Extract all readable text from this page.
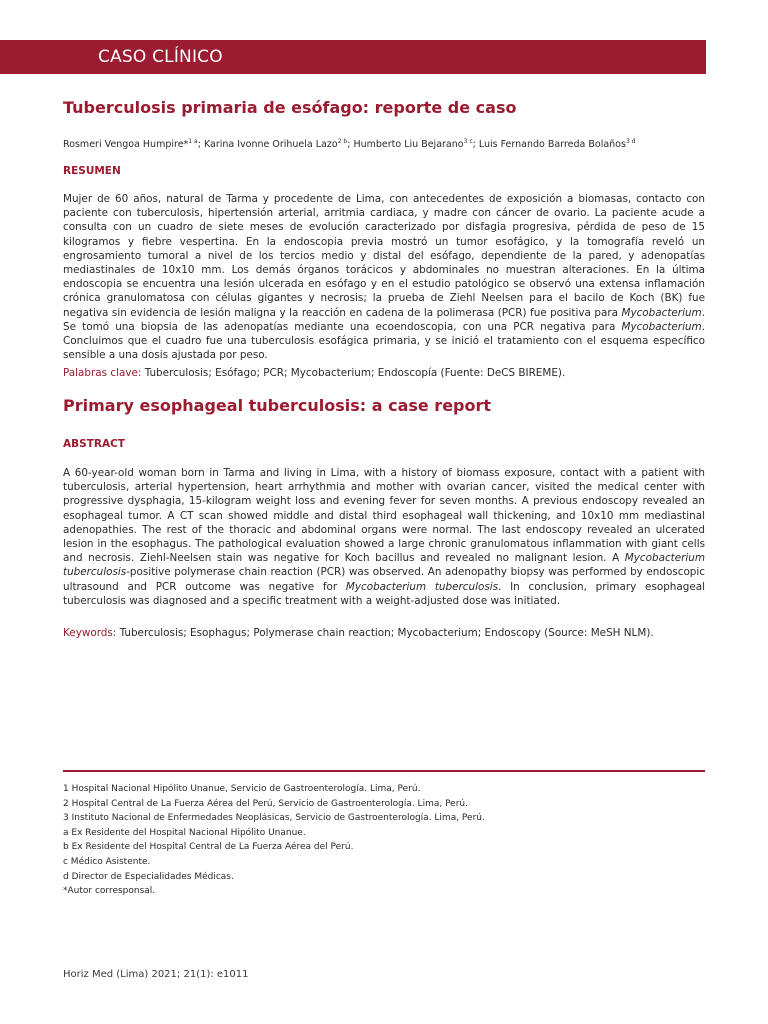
CASO CLÍNICO
Tuberculosis primaria de esófago: reporte de caso

Rosmeri Vengoa Humpire*$^{1 a}$; Karina Ivonne Orihuela Lazo$^{2 b}$; Humberto Liu Bejarano$^{3 c}$; Luis Fernando Barreda Bolaños$^{3 d}$

RESUMEN

Mujer de 60 años, natural de Tarma y procedente de Lima, con antecedentes de exposición a biomasas, contacto con paciente con tuberculosis, hipertensión arterial, arritmia cardiaca, y madre con cáncer de ovario. La paciente acude a consulta con un cuadro de siete meses de evolución caracterizado por disfagia progresiva, pérdida de peso de 15 kilogramos y fiebre vespertina. En la endoscopia previa mostró un tumor esofágico, y la tomografía reveló un engrosamiento tumoral a nivel de los tercios medio y distal del esófago, dependiente de la pared, y adenopatías mediastinales de 10x10 mm. Los demás órganos torácicos y abdominales no muestran alteraciones. En la última endoscopia se encuentra una lesión ulcerada en esófago y en el estudio patológico se observó una extensa inflamación crónica granulomatosa con células gigantes y necrosis; la prueba de Ziehl Neelsen para el bacilo de Koch (BK) fue negativa sin evidencia de lesión maligna y la reacción en cadena de la polimerasa (PCR) fue positiva para Mycobacterium. Se tomó una biopsia de las adenopatías mediante una ecoendoscopia, con una PCR negativa para Mycobacterium. Concluimos que el cuadro fue una tuberculosis esofágica primaria, y se inició el tratamiento con el esquema específico sensible a una dosis ajustada por peso.

Palabras clave: Tuberculosis; Esófago; PCR; Mycobacterium; Endoscopía (Fuente: DeCS BIREME).

Primary esophageal tuberculosis: a case report
ABSTRACT

A 60-year-old woman born in Tarma and living in Lima, with a history of biomass exposure, contact with a patient with tuberculosis, arterial hypertension, heart arrhythmia and mother with ovarian cancer, visited the medical center with progressive dysphagia, 15-kilogram weight loss and evening fever for seven months. A previous endoscopy revealed an esophageal tumor. A CT scan showed middle and distal third esophageal wall thickening, and 10x10 mm mediastinal adenopathies. The rest of the thoracic and abdominal organs were normal. The last endoscopy revealed an ulcerated lesion in the esophagus. The pathological evaluation showed a large chronic granulomatous inflammation with giant cells and necrosis. Ziehl-Neelsen stain was negative for Koch bacillus and revealed no malignant lesion. A Mycobacterium tuberculosis-positive polymerase chain reaction (PCR) was observed. An adenopathy biopsy was performed by endoscopic ultrasound and PCR outcome was negative for Mycobacterium tuberculosis. In conclusion, primary esophageal tuberculosis was diagnosed and a specific treatment with a weight-adjusted dose was initiated.

Keywords: Tuberculosis; Esophagus; Polymerase chain reaction; Mycobacterium; Endoscopy (Source: MeSH NLM).

1 Hospital Nacional Hipólito Unanue, Servicio de Gastroenterología. Lima, Perú.
2 Hospital Central de La Fuerza Aérea del Perú, Servicio de Gastroenterología. Lima, Perú.
3 Instituto Nacional de Enfermedades Neoplásicas, Servicio de Gastroenterología. Lima, Perú.
a Ex Residente del Hospital Nacional Hipólito Unanue.
b Ex Residente del Hospital Central de La Fuerza Aérea del Perú.
c Médico Asistente.
d Director de Especialidades Médicas.
*Autor corresponsal.
Horiz Med (Lima) 2021; 21(1): e1011
